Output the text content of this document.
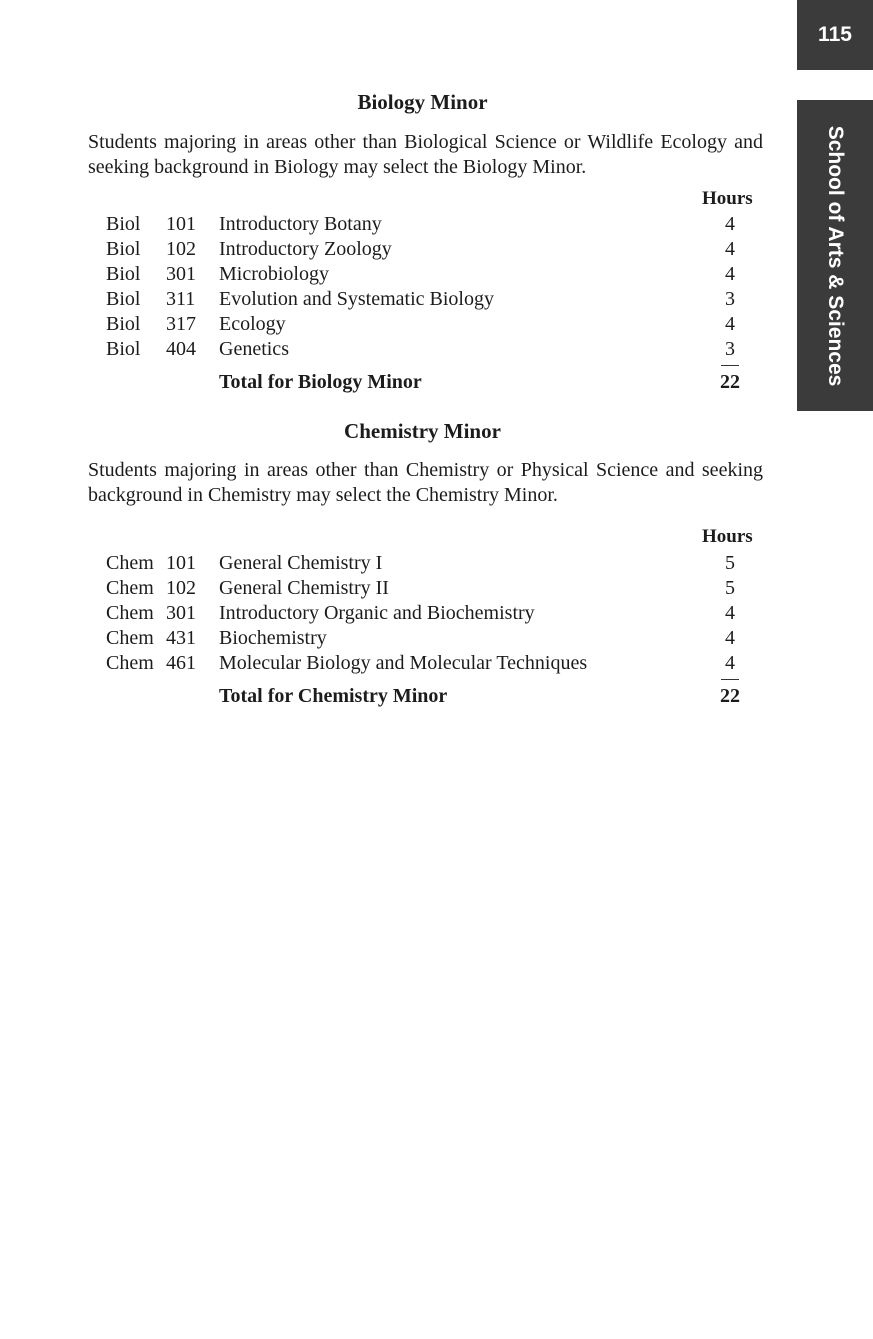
115
School of Arts & Sciences
Biology Minor

Students majoring in areas other than Biological Science or Wildlife Ecology and seeking background in Biology may select the Biology Minor.

Hours
Biol 101 Introductory Botany	4
Biol 102 Introductory Zoology	4
Biol 301 Microbiology	4
Biol 311 Evolution and Systematic Biology	3
Biol 317 Ecology	4
Biol 404 Genetics	3
Total for Biology Minor	22
Chemistry Minor

Students majoring in areas other than Chemistry or Physical Science and seeking background in Chemistry may select the Chemistry Minor.

Hours
Chem 101 General Chemistry I	5
Chem 102 General Chemistry II	5
Chem 301 Introductory Organic and Biochemistry	4
Chem 431 Biochemistry	4
Chem 461 Molecular Biology and Molecular Techniques	4
Total for Chemistry Minor	22
